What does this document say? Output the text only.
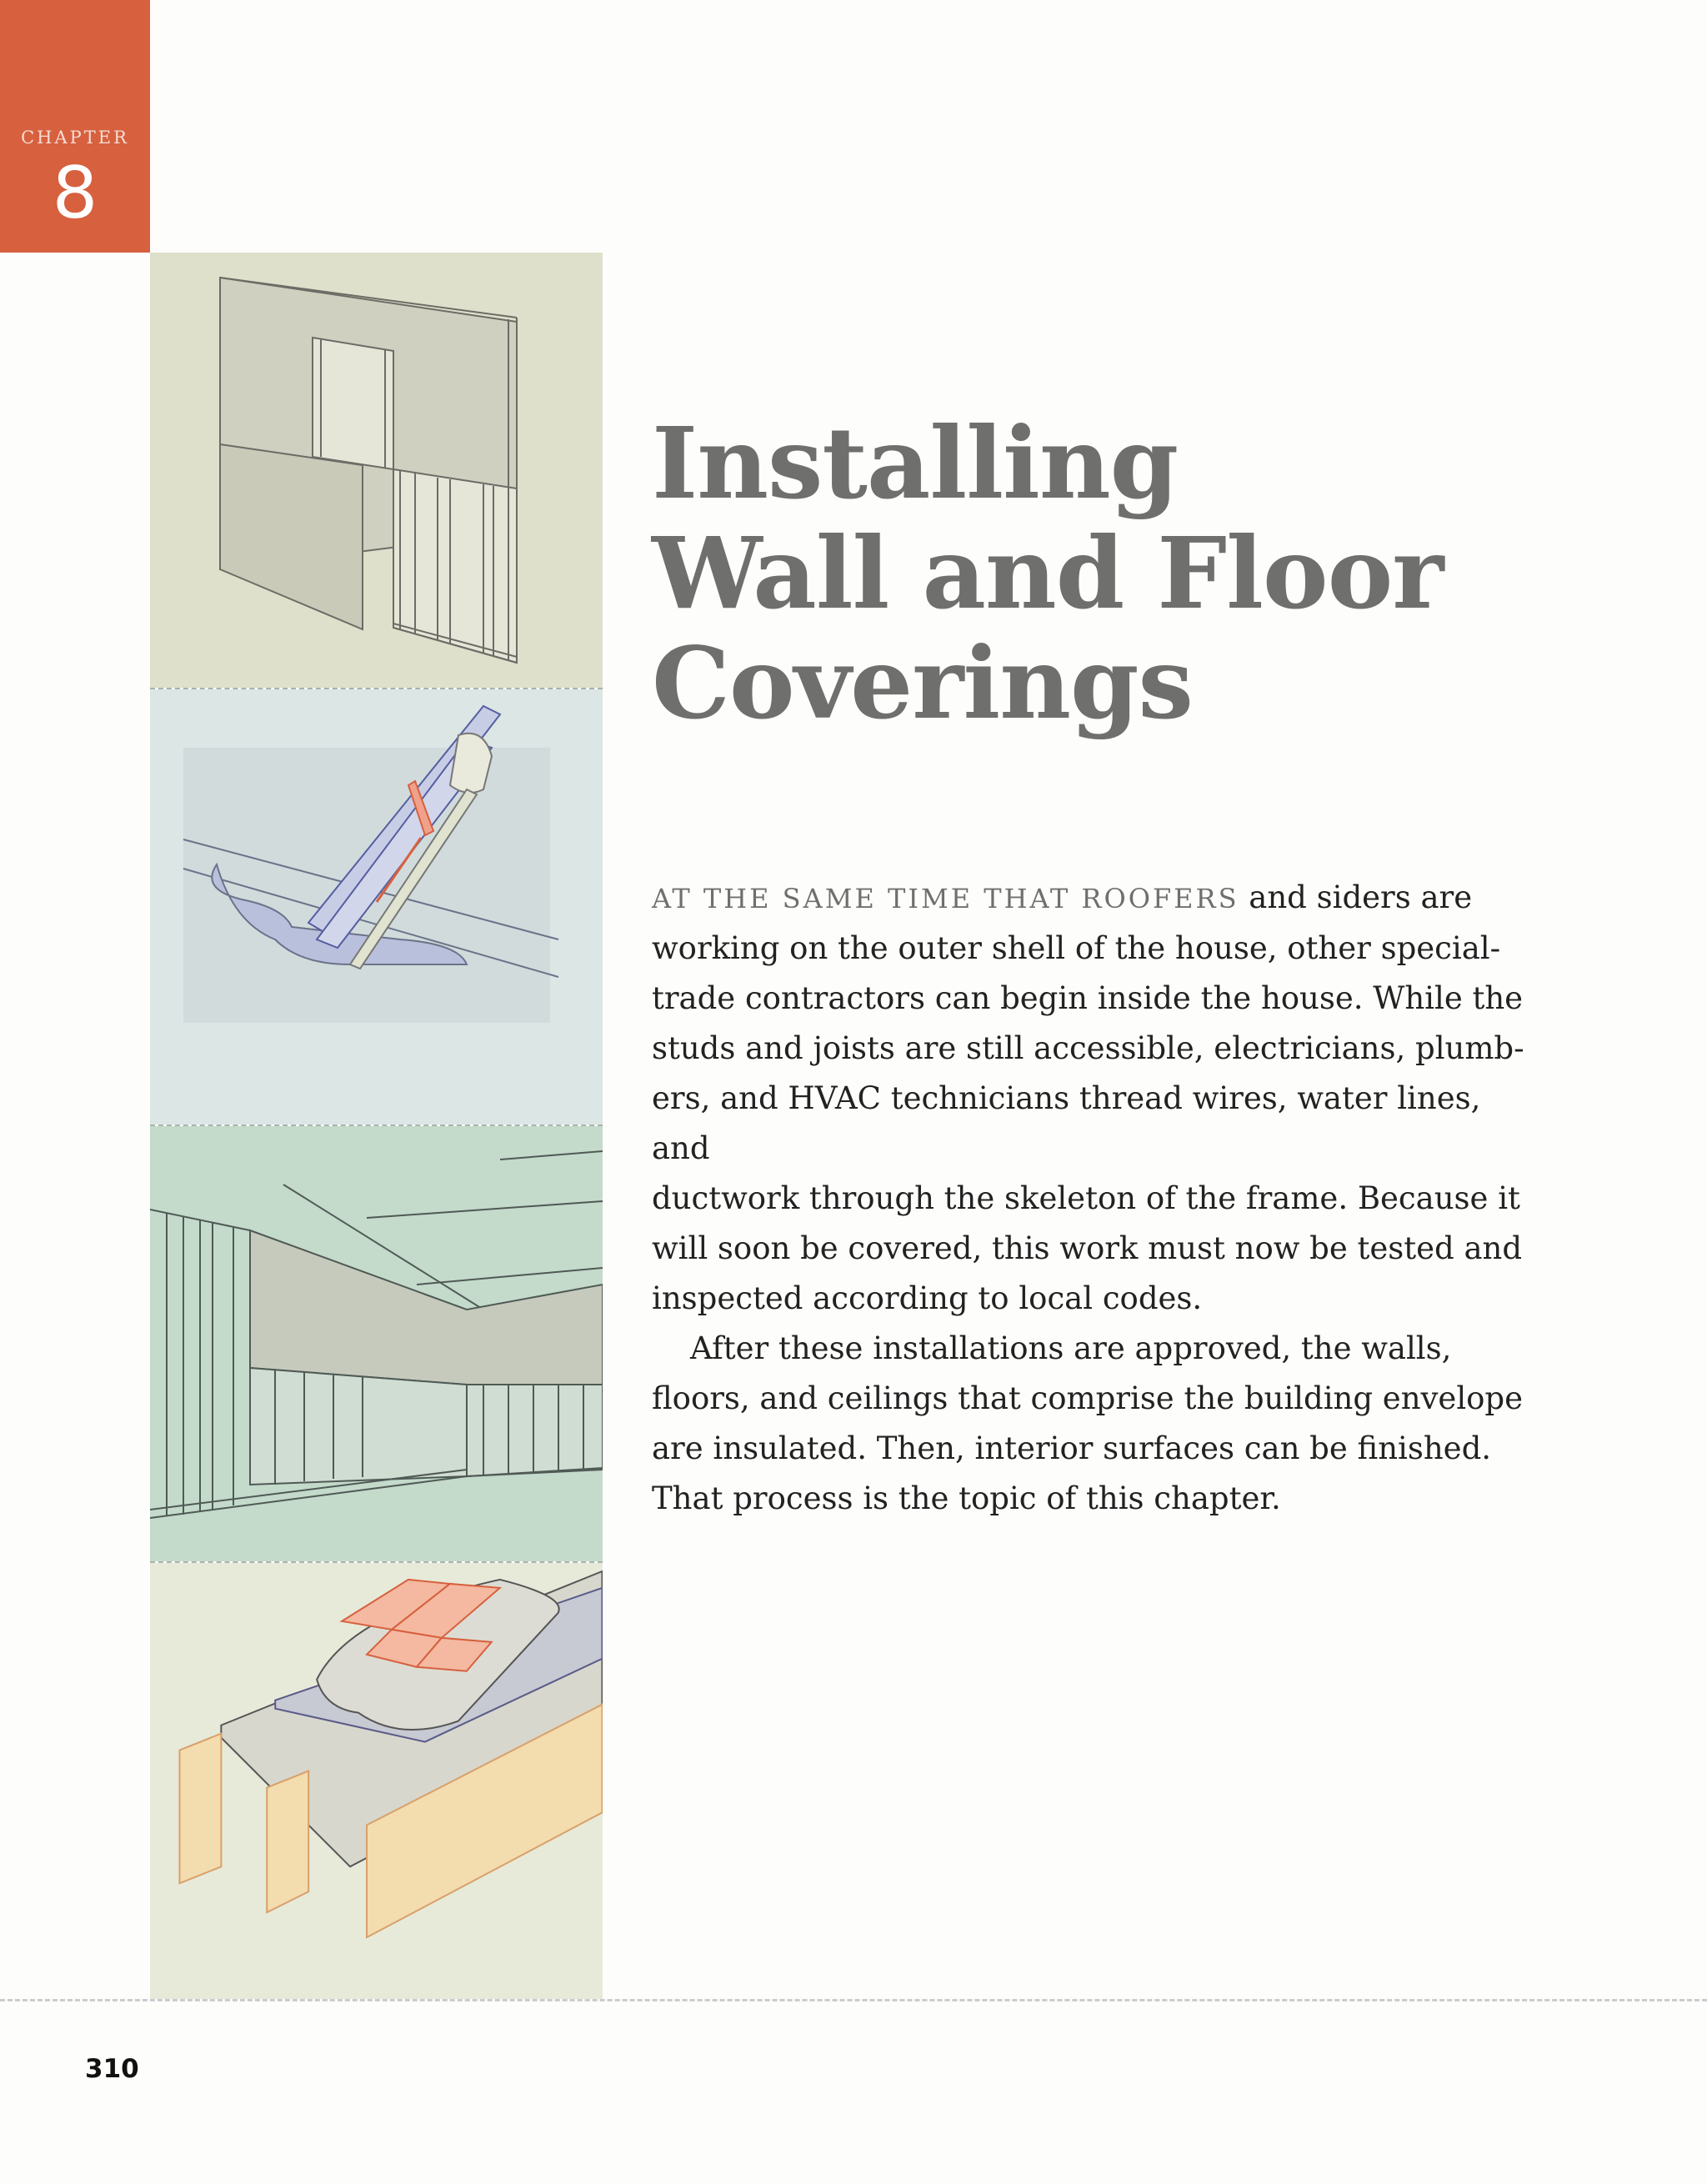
CHAPTER
8
Installing
Wall and Floor
Coverings

AT THE SAME TIME THAT ROOFERS and siders are
working on the outer shell of the house, other special-
trade contractors can begin inside the house. While the
studs and joists are still accessible, electricians, plumb-
ers, and HVAC technicians thread wires, water lines, and
ductwork through the skeleton of the frame. Because it
will soon be covered, this work must now be tested and
inspected according to local codes.

After these installations are approved, the walls,
floors, and ceilings that comprise the building envelope
are insulated. Then, interior surfaces can be finished.
That process is the topic of this chapter.

310
